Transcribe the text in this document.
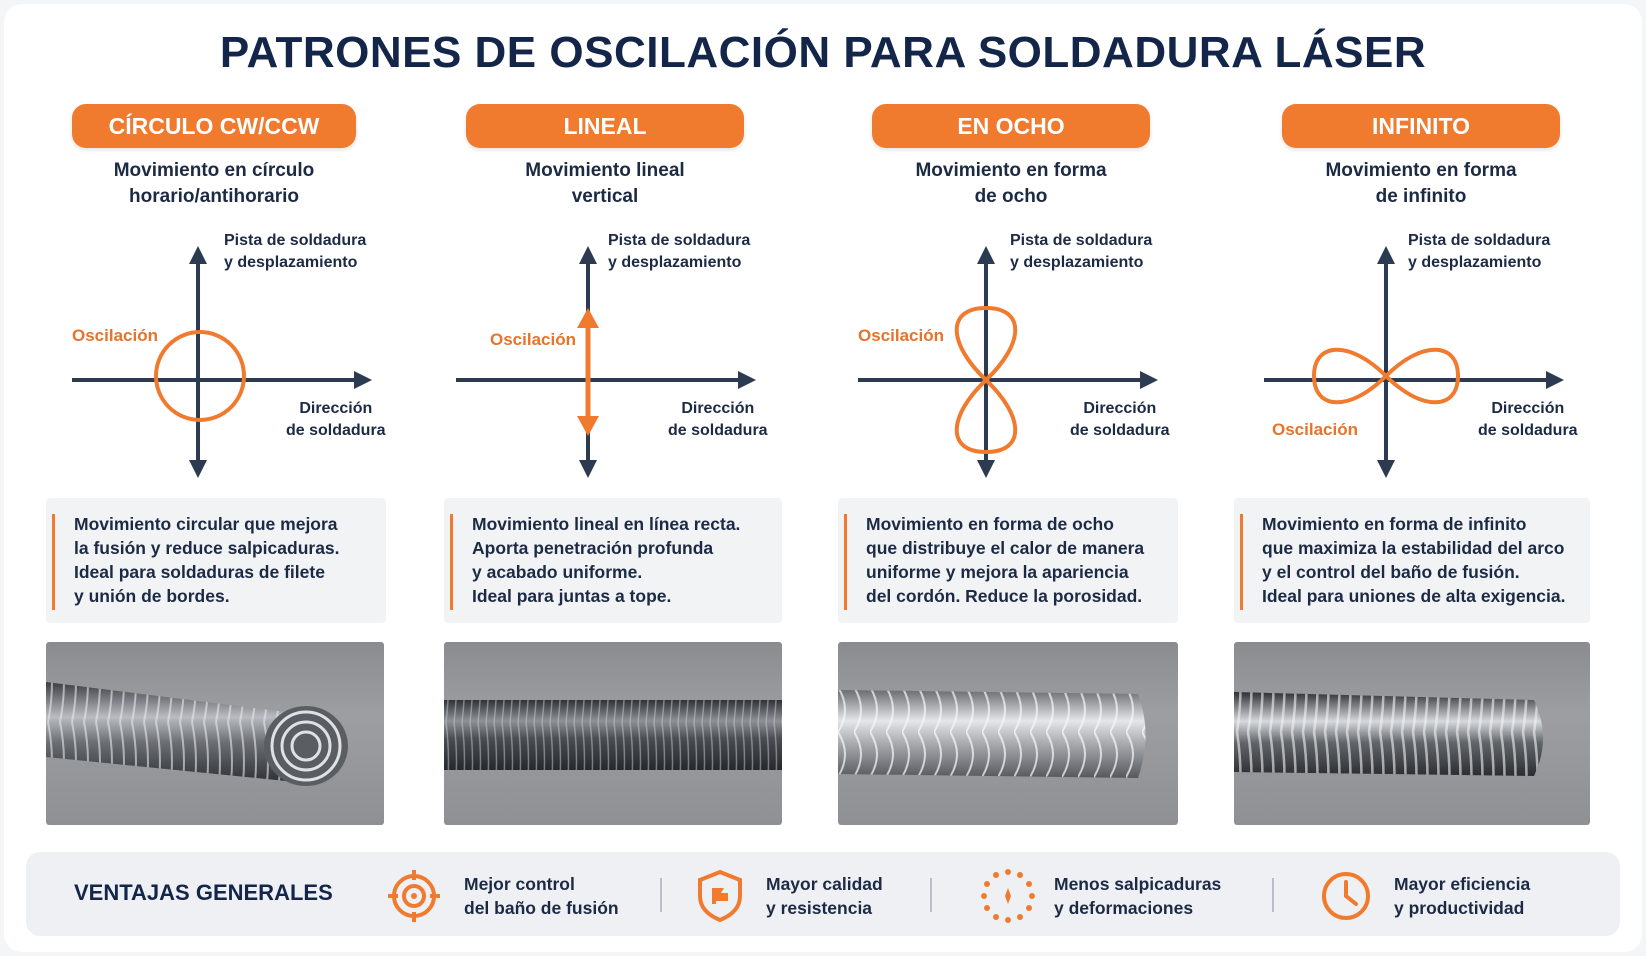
PATRONES DE OSCILACIÓN PARA SOLDADURA LÁSER
CÍRCULO CW/CCW
Movimiento en círculo
horario/antihorario
Pista de soldadura
y desplazamiento
Dirección
de soldadura
Oscilación
Movimiento circular que mejora
la fusión y reduce salpicaduras.
Ideal para soldaduras de filete
y unión de bordes.
LINEAL
Movimiento lineal
vertical
Pista de soldadura
y desplazamiento
Dirección
de soldadura
Oscilación
Movimiento lineal en línea recta.
Aporta penetración profunda
y acabado uniforme.
Ideal para juntas a tope.
EN OCHO
Movimiento en forma
de ocho
Pista de soldadura
y desplazamiento
Dirección
de soldadura
Oscilación
Movimiento en forma de ocho
que distribuye el calor de manera
uniforme y mejora la apariencia
del cordón. Reduce la porosidad.
INFINITO
Movimiento en forma
de infinito
Pista de soldadura
y desplazamiento
Dirección
de soldadura
Oscilación
Movimiento en forma de infinito
que maximiza la estabilidad del arco
y el control del baño de fusión.
Ideal para uniones de alta exigencia.
VENTAJAS GENERALES	Mejor control
del baño de fusión
Mayor calidad
y resistencia
Menos salpicaduras
y deformaciones
Mayor eficiencia
y productividad
